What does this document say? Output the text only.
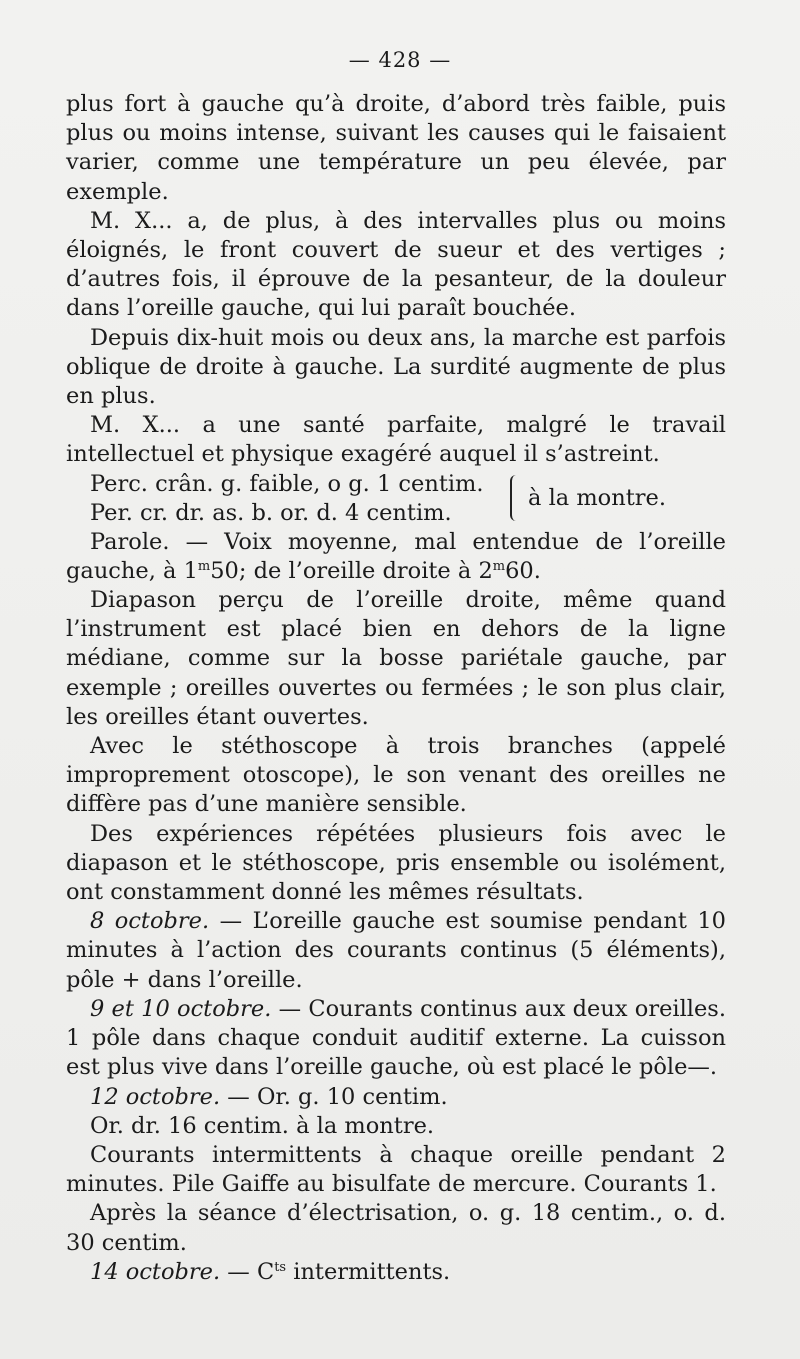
— 428 —

plus fort à gauche qu’à droite, d’abord très faible, puis plus ou moins intense, suivant les causes qui le faisaient varier, comme une température un peu élevée, par exemple.

M. X... a, de plus, à des intervalles plus ou moins éloignés, le front couvert de sueur et des vertiges ; d’autres fois, il éprouve de la pesanteur, de la douleur dans l’oreille gauche, qui lui paraît bouchée.

Depuis dix-huit mois ou deux ans, la marche est parfois oblique de droite à gauche. La surdité augmente de plus en plus.

M. X... a une santé parfaite, malgré le travail intellectuel et physique exagéré auquel il s’astreint.

Perc. crân. g. faible, o g. 1 centim.
Per. cr. dr. as. b. or. d. 4 centim.
à la montre.

Parole. — Voix moyenne, mal entendue de l’oreille gauche, à 1$^m$50; de l’oreille droite à 2$^m$60.

Diapason perçu de l’oreille droite, même quand l’instrument est placé bien en dehors de la ligne médiane, comme sur la bosse pariétale gauche, par exemple ; oreilles ouvertes ou fermées ; le son plus clair, les oreilles étant ouvertes.

Avec le stéthoscope à trois branches (appelé improprement otoscope), le son venant des oreilles ne diffère pas d’une manière sensible.

Des expériences répétées plusieurs fois avec le diapason et le stéthoscope, pris ensemble ou isolément, ont constamment donné les mêmes résultats.

8 octobre. — L’oreille gauche est soumise pendant 10 minutes à l’action des courants continus (5 éléments), pôle + dans l’oreille.

9 et 10 octobre. — Courants continus aux deux oreilles. 1 pôle dans chaque conduit auditif externe. La cuisson est plus vive dans l’oreille gauche, où est placé le pôle—.

12 octobre. — Or. g. 10 centim.

Or. dr. 16 centim. à la montre.

Courants intermittents à chaque oreille pendant 2 minutes. Pile Gaiffe au bisulfate de mercure. Courants 1.

Après la séance d’électrisation, o. g. 18 centim., o. d. 30 centim.

14 octobre. — $C^{ts}$ intermittents.
